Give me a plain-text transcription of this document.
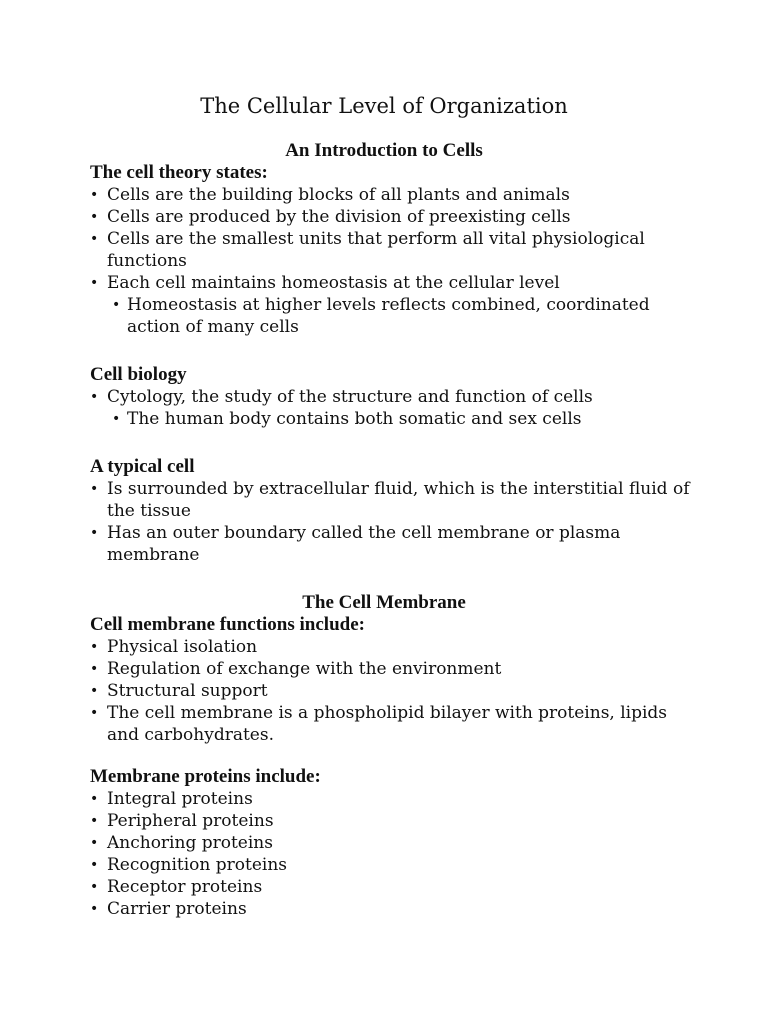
The Cellular Level of Organization
An Introduction to Cells
The cell theory states:
• Cells are the building blocks of all plants and animals
• Cells are produced by the division of preexisting cells
• Cells are the smallest units that perform all vital physiological functions
• Each cell maintains homeostasis at the cellular level
• Homeostasis at higher levels reflects combined, coordinated action of many cells
Cell biology
• Cytology, the study of the structure and function of cells
• The human body contains both somatic and sex cells
A typical cell
• Is surrounded by extracellular fluid, which is the interstitial fluid of the tissue
• Has an outer boundary called the cell membrane or plasma membrane
The Cell Membrane
Cell membrane functions include:
• Physical isolation
• Regulation of exchange with the environment
• Structural support
• The cell membrane is a phospholipid bilayer with proteins, lipids and carbohydrates.
Membrane proteins include:
• Integral proteins
• Peripheral proteins
• Anchoring proteins
• Recognition proteins
• Receptor proteins
• Carrier proteins
